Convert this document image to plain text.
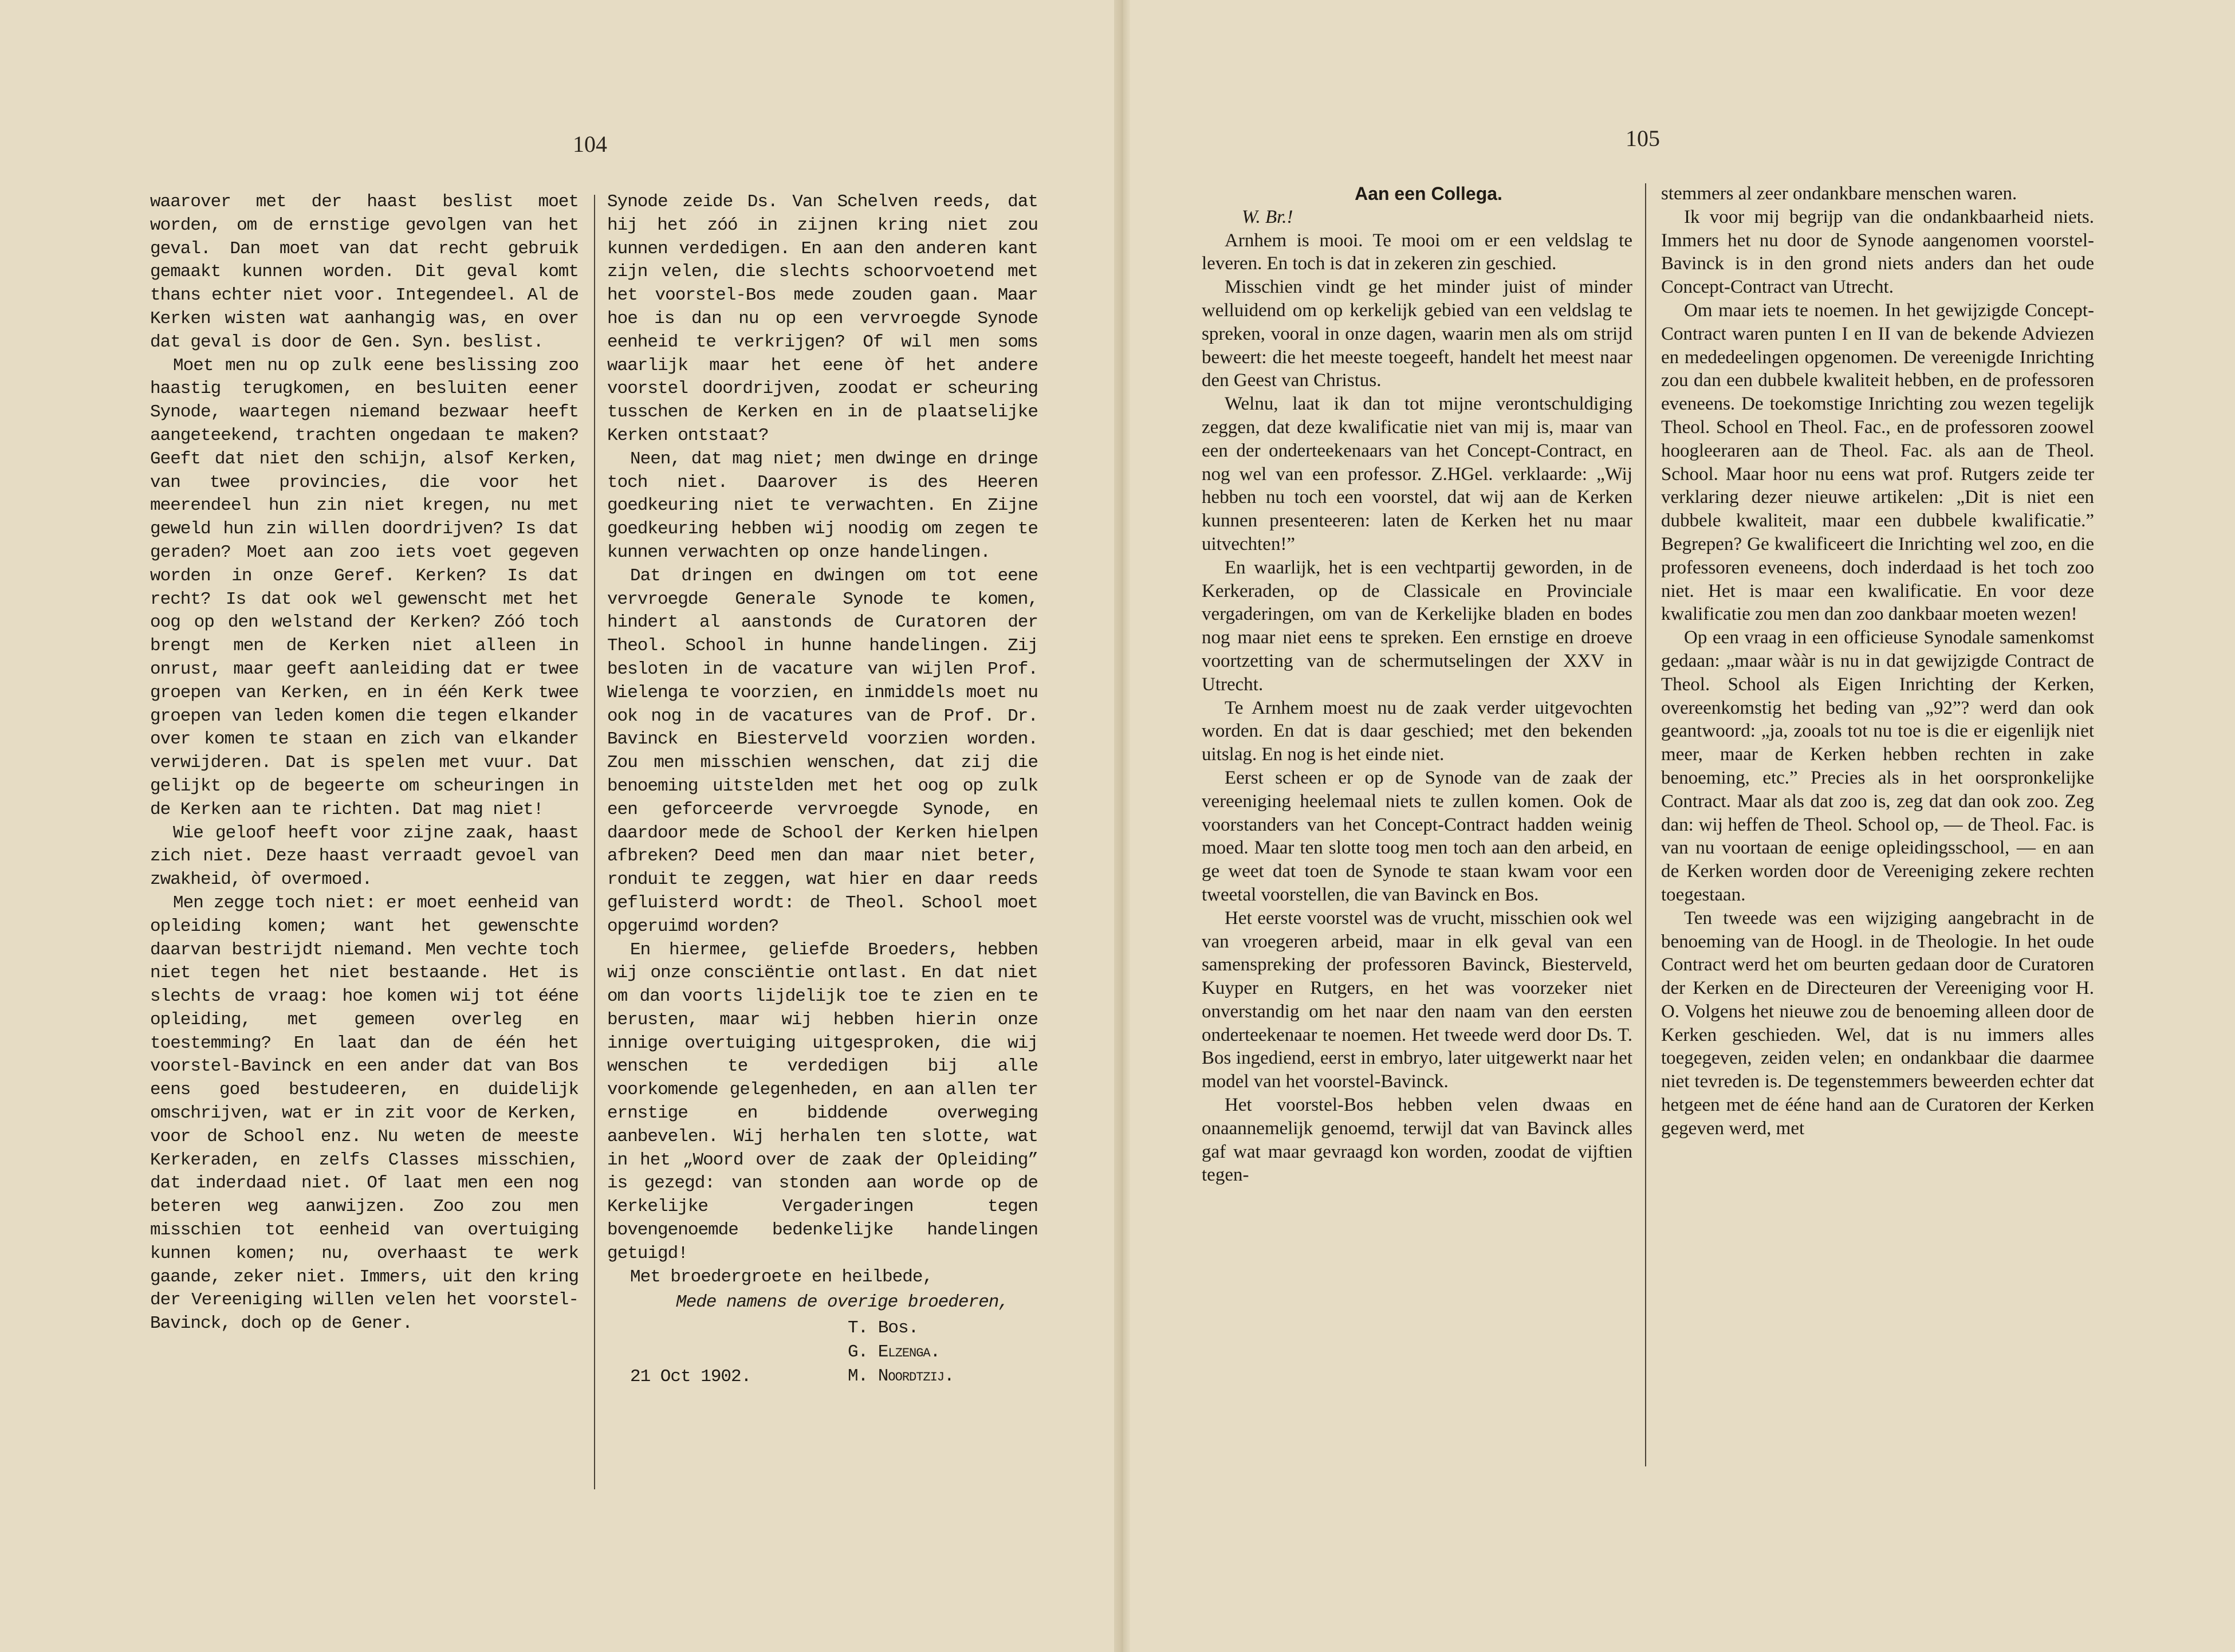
104

waarover met der haast beslist moet worden, om de ernstige gevolgen van het geval. Dan moet van dat recht gebruik gemaakt kunnen worden. Dit geval komt thans echter niet voor. Integendeel. Al de Kerken wisten wat aanhangig was, en over dat geval is door de Gen. Syn. beslist.

Moet men nu op zulk eene beslissing zoo haastig terugkomen, en besluiten eener Synode, waartegen niemand bezwaar heeft aangeteekend, trachten ongedaan te maken? Geeft dat niet den schijn, alsof Kerken, van twee provincies, die voor het meerendeel hun zin niet kregen, nu met geweld hun zin willen doordrijven? Is dat geraden? Moet aan zoo iets voet gegeven worden in onze Geref. Kerken? Is dat recht? Is dat ook wel gewenscht met het oog op den welstand der Kerken? Zóó toch brengt men de Kerken niet alleen in onrust, maar geeft aanleiding dat er twee groepen van Kerken, en in één Kerk twee groepen van leden komen die tegen elkander over komen te staan en zich van elkander verwijderen. Dat is spelen met vuur. Dat gelijkt op de begeerte om scheuringen in de Kerken aan te richten. Dat mag niet!

Wie geloof heeft voor zijne zaak, haast zich niet. Deze haast verraadt gevoel van zwakheid, òf overmoed.

Men zegge toch niet: er moet eenheid van opleiding komen; want het gewenschte daarvan bestrijdt niemand. Men vechte toch niet tegen het niet bestaande. Het is slechts de vraag: hoe komen wij tot ééne opleiding, met gemeen overleg en toestemming? En laat dan de één het voorstel-Bavinck en een ander dat van Bos eens goed bestudeeren, en duidelijk omschrijven, wat er in zit voor de Kerken, voor de School enz. Nu weten de meeste Kerkeraden, en zelfs Classes misschien, dat inderdaad niet. Of laat men een nog beteren weg aanwijzen. Zoo zou men misschien tot eenheid van overtuiging kunnen komen; nu, overhaast te werk gaande, zeker niet. Immers, uit den kring der Vereeniging willen velen het voorstel-Bavinck, doch op de Gener.

Synode zeide Ds. Van Schelven reeds, dat hij het zóó in zijnen kring niet zou kunnen verdedigen. En aan den anderen kant zijn velen, die slechts schoorvoetend met het voorstel-Bos mede zouden gaan. Maar hoe is dan nu op een vervroegde Synode eenheid te verkrijgen? Of wil men soms waarlijk maar het eene òf het andere voorstel doordrijven, zoodat er scheuring tusschen de Kerken en in de plaatselijke Kerken ontstaat?

Neen, dat mag niet; men dwinge en dringe toch niet. Daarover is des Heeren goedkeuring niet te verwachten. En Zijne goedkeuring hebben wij noodig om zegen te kunnen verwachten op onze handelingen.

Dat dringen en dwingen om tot eene vervroegde Generale Synode te komen, hindert al aanstonds de Curatoren der Theol. School in hunne handelingen. Zij besloten in de vacature van wijlen Prof. Wielenga te voorzien, en inmiddels moet nu ook nog in de vacatures van de Prof. Dr. Bavinck en Biesterveld voorzien worden. Zou men misschien wenschen, dat zij die benoeming uitstelden met het oog op zulk een geforceerde vervroegde Synode, en daardoor mede de School der Kerken hielpen afbreken? Deed men dan maar niet beter, ronduit te zeggen, wat hier en daar reeds gefluisterd wordt: de Theol. School moet opgeruimd worden?

En hiermee, geliefde Broeders, hebben wij onze consciëntie ontlast. En dat niet om dan voorts lijdelijk toe te zien en te berusten, maar wij hebben hierin onze innige overtuiging uitgesproken, die wij wenschen te verdedigen bij alle voorkomende gelegenheden, en aan allen ter ernstige en biddende overweging aanbevelen. Wij herhalen ten slotte, wat in het „Woord over de zaak der Opleiding” is gezegd: van stonden aan worde op de Kerkelijke Vergaderingen tegen bovengenoemde bedenkelijke handelingen getuigd!

Met broedergroete en heilbede,

Mede namens de overige broederen,

T. Bos.
G. Elzenga.
M. Noordtzij.
21 Oct 1902.
105

Aan een Collega.

W. Br.!

Arnhem is mooi. Te mooi om er een veldslag te leveren. En toch is dat in zekeren zin geschied.

Misschien vindt ge het minder juist of minder welluidend om op kerkelijk gebied van een veldslag te spreken, vooral in onze dagen, waarin men als om strijd beweert: die het meeste toegeeft, handelt het meest naar den Geest van Christus.

Welnu, laat ik dan tot mijne verontschuldiging zeggen, dat deze kwalificatie niet van mij is, maar van een der onderteekenaars van het Concept-Contract, en nog wel van een professor. Z.HGel. verklaarde: „Wij hebben nu toch een voorstel, dat wij aan de Kerken kunnen presenteeren: laten de Kerken het nu maar uitvechten!”

En waarlijk, het is een vechtpartij geworden, in de Kerkeraden, op de Classicale en Provinciale vergaderingen, om van de Kerkelijke bladen en bodes nog maar niet eens te spreken. Een ernstige en droeve voortzetting van de schermutselingen der XXV in Utrecht.

Te Arnhem moest nu de zaak verder uitgevochten worden. En dat is daar geschied; met den bekenden uitslag. En nog is het einde niet.

Eerst scheen er op de Synode van de zaak der vereeniging heelemaal niets te zullen komen. Ook de voorstanders van het Concept-Contract hadden weinig moed. Maar ten slotte toog men toch aan den arbeid, en ge weet dat toen de Synode te staan kwam voor een tweetal voorstellen, die van Bavinck en Bos.

Het eerste voorstel was de vrucht, misschien ook wel van vroegeren arbeid, maar in elk geval van een samenspreking der professoren Bavinck, Biesterveld, Kuyper en Rutgers, en het was voorzeker niet onverstandig om het naar den naam van den eersten onderteekenaar te noemen. Het tweede werd door Ds. T. Bos ingediend, eerst in embryo, later uitgewerkt naar het model van het voorstel-Bavinck.

Het voorstel-Bos hebben velen dwaas en onaannemelijk genoemd, terwijl dat van Bavinck alles gaf wat maar gevraagd kon worden, zoodat de vijftien tegen-

stemmers al zeer ondankbare menschen waren.

Ik voor mij begrijp van die ondankbaarheid niets. Immers het nu door de Synode aangenomen voorstel-Bavinck is in den grond niets anders dan het oude Concept-Contract van Utrecht.

Om maar iets te noemen. In het gewijzigde Concept-Contract waren punten I en II van de bekende Adviezen en mededeelingen opgenomen. De vereenigde Inrichting zou dan een dubbele kwaliteit hebben, en de professoren eveneens. De toekomstige Inrichting zou wezen tegelijk Theol. School en Theol. Fac., en de professoren zoowel hoogleeraren aan de Theol. Fac. als aan de Theol. School. Maar hoor nu eens wat prof. Rutgers zeide ter verklaring dezer nieuwe artikelen: „Dit is niet een dubbele kwaliteit, maar een dubbele kwalificatie.” Begrepen? Ge kwalificeert die Inrichting wel zoo, en die professoren eveneens, doch inderdaad is het toch zoo niet. Het is maar een kwalificatie. En voor deze kwalificatie zou men dan zoo dankbaar moeten wezen!

Op een vraag in een officieuse Synodale samenkomst gedaan: „maar wààr is nu in dat gewijzigde Contract de Theol. School als Eigen Inrichting der Kerken, overeenkomstig het beding van „92”? werd dan ook geantwoord: „ja, zooals tot nu toe is die er eigenlijk niet meer, maar de Kerken hebben rechten in zake benoeming, etc.” Precies als in het oorspronkelijke Contract. Maar als dat zoo is, zeg dat dan ook zoo. Zeg dan: wij heffen de Theol. School op, — de Theol. Fac. is van nu voortaan de eenige opleidingsschool, — en aan de Kerken worden door de Vereeniging zekere rechten toegestaan.

Ten tweede was een wijziging aangebracht in de benoeming van de Hoogl. in de Theologie. In het oude Contract werd het om beurten gedaan door de Curatoren der Kerken en de Directeuren der Vereeniging voor H. O. Volgens het nieuwe zou de benoeming alleen door de Kerken geschieden. Wel, dat is nu immers alles toegegeven, zeiden velen; en ondankbaar die daarmee niet tevreden is. De tegenstemmers beweerden echter dat hetgeen met de ééne hand aan de Curatoren der Kerken gegeven werd, met
